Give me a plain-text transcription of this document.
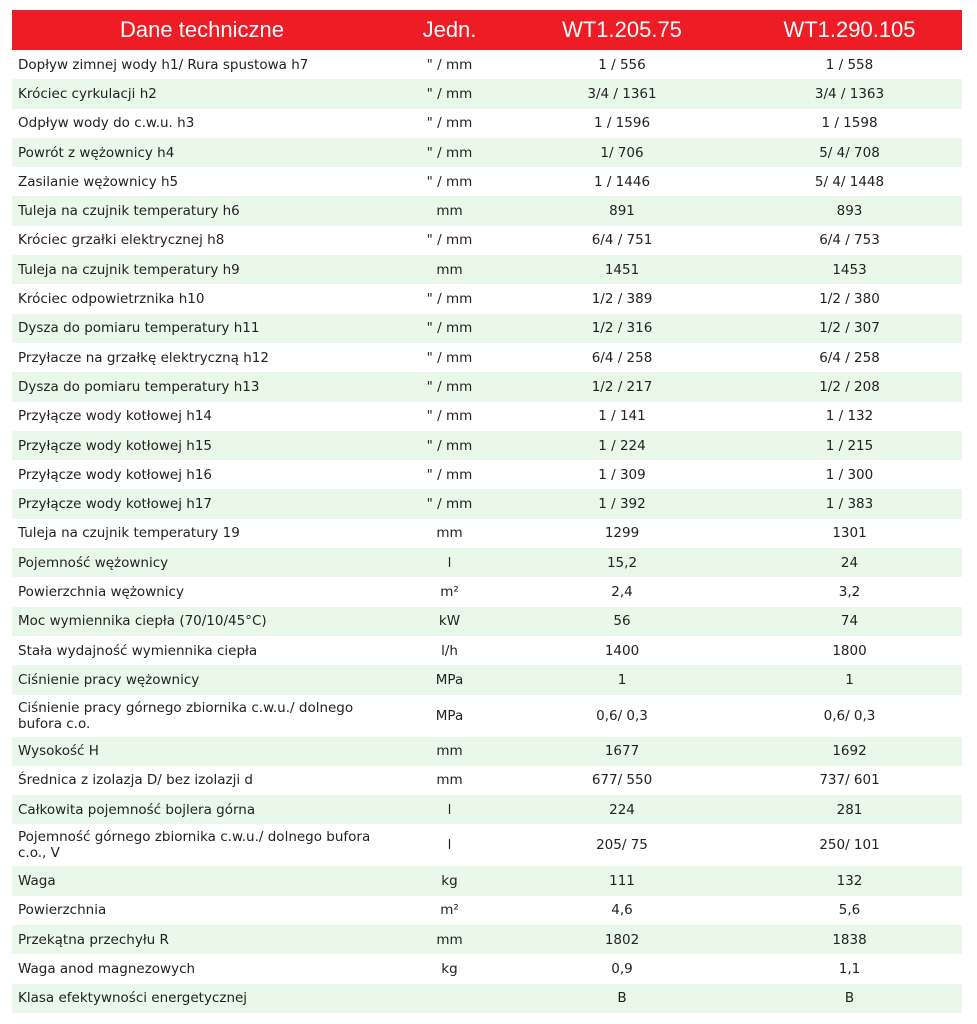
Dane techniczne	Jedn.	WT1.205.75	WT1.290.105
Dopływ zimnej wody h1/ Rura spustowa h7	" / mm	1 / 556	1 / 558
Króciec cyrkulacji h2	" / mm	3/4 / 1361	3/4 / 1363
Odpływ wody do c.w.u. h3	" / mm	1 / 1596	1 / 1598
Powrót z wężownicy h4	" / mm	1/ 706	5/ 4/ 708
Zasilanie wężownicy h5	" / mm	1 / 1446	5/ 4/ 1448
Tuleja na czujnik temperatury h6	mm	891	893
Króciec grzałki elektrycznej h8	" / mm	6/4 / 751	6/4 / 753
Tuleja na czujnik temperatury h9	mm	1451	1453
Króciec odpowietrznika h10	" / mm	1/2 / 389	1/2 / 380
Dysza do pomiaru temperatury h11	" / mm	1/2 / 316	1/2 / 307
Przyłacze na grzałkę elektryczną h12	" / mm	6/4 / 258	6/4 / 258
Dysza do pomiaru temperatury h13	" / mm	1/2 / 217	1/2 / 208
Przyłącze wody kotłowej h14	" / mm	1 / 141	1 / 132
Przyłącze wody kotłowej h15	" / mm	1 / 224	1 / 215
Przyłącze wody kotłowej h16	" / mm	1 / 309	1 / 300
Przyłącze wody kotłowej h17	" / mm	1 / 392	1 / 383
Tuleja na czujnik temperatury 19	mm	1299	1301
Pojemność wężownicy	l	15,2	24
Powierzchnia wężownicy	m²	2,4	3,2
Moc wymiennika ciepła (70/10/45°C)	kW	56	74
Stała wydajność wymiennika ciepła	l/h	1400	1800
Ciśnienie pracy wężownicy	MPa	1	1
Ciśnienie pracy górnego zbiornika c.w.u./ dolnego bufora c.o.	MPa	0,6/ 0,3	0,6/ 0,3
Wysokość H	mm	1677	1692
Średnica z izolazja D/ bez izolazji d	mm	677/ 550	737/ 601
Całkowita pojemność bojlera górna	l	224	281
Pojemność górnego zbiornika c.w.u./ dolnego bufora c.o., V	l	205/ 75	250/ 101
Waga	kg	111	132
Powierzchnia	m²	4,6	5,6
Przekątna przechyłu R	mm	1802	1838
Waga anod magnezowych	kg	0,9	1,1
Klasa efektywności energetycznej		B	B
